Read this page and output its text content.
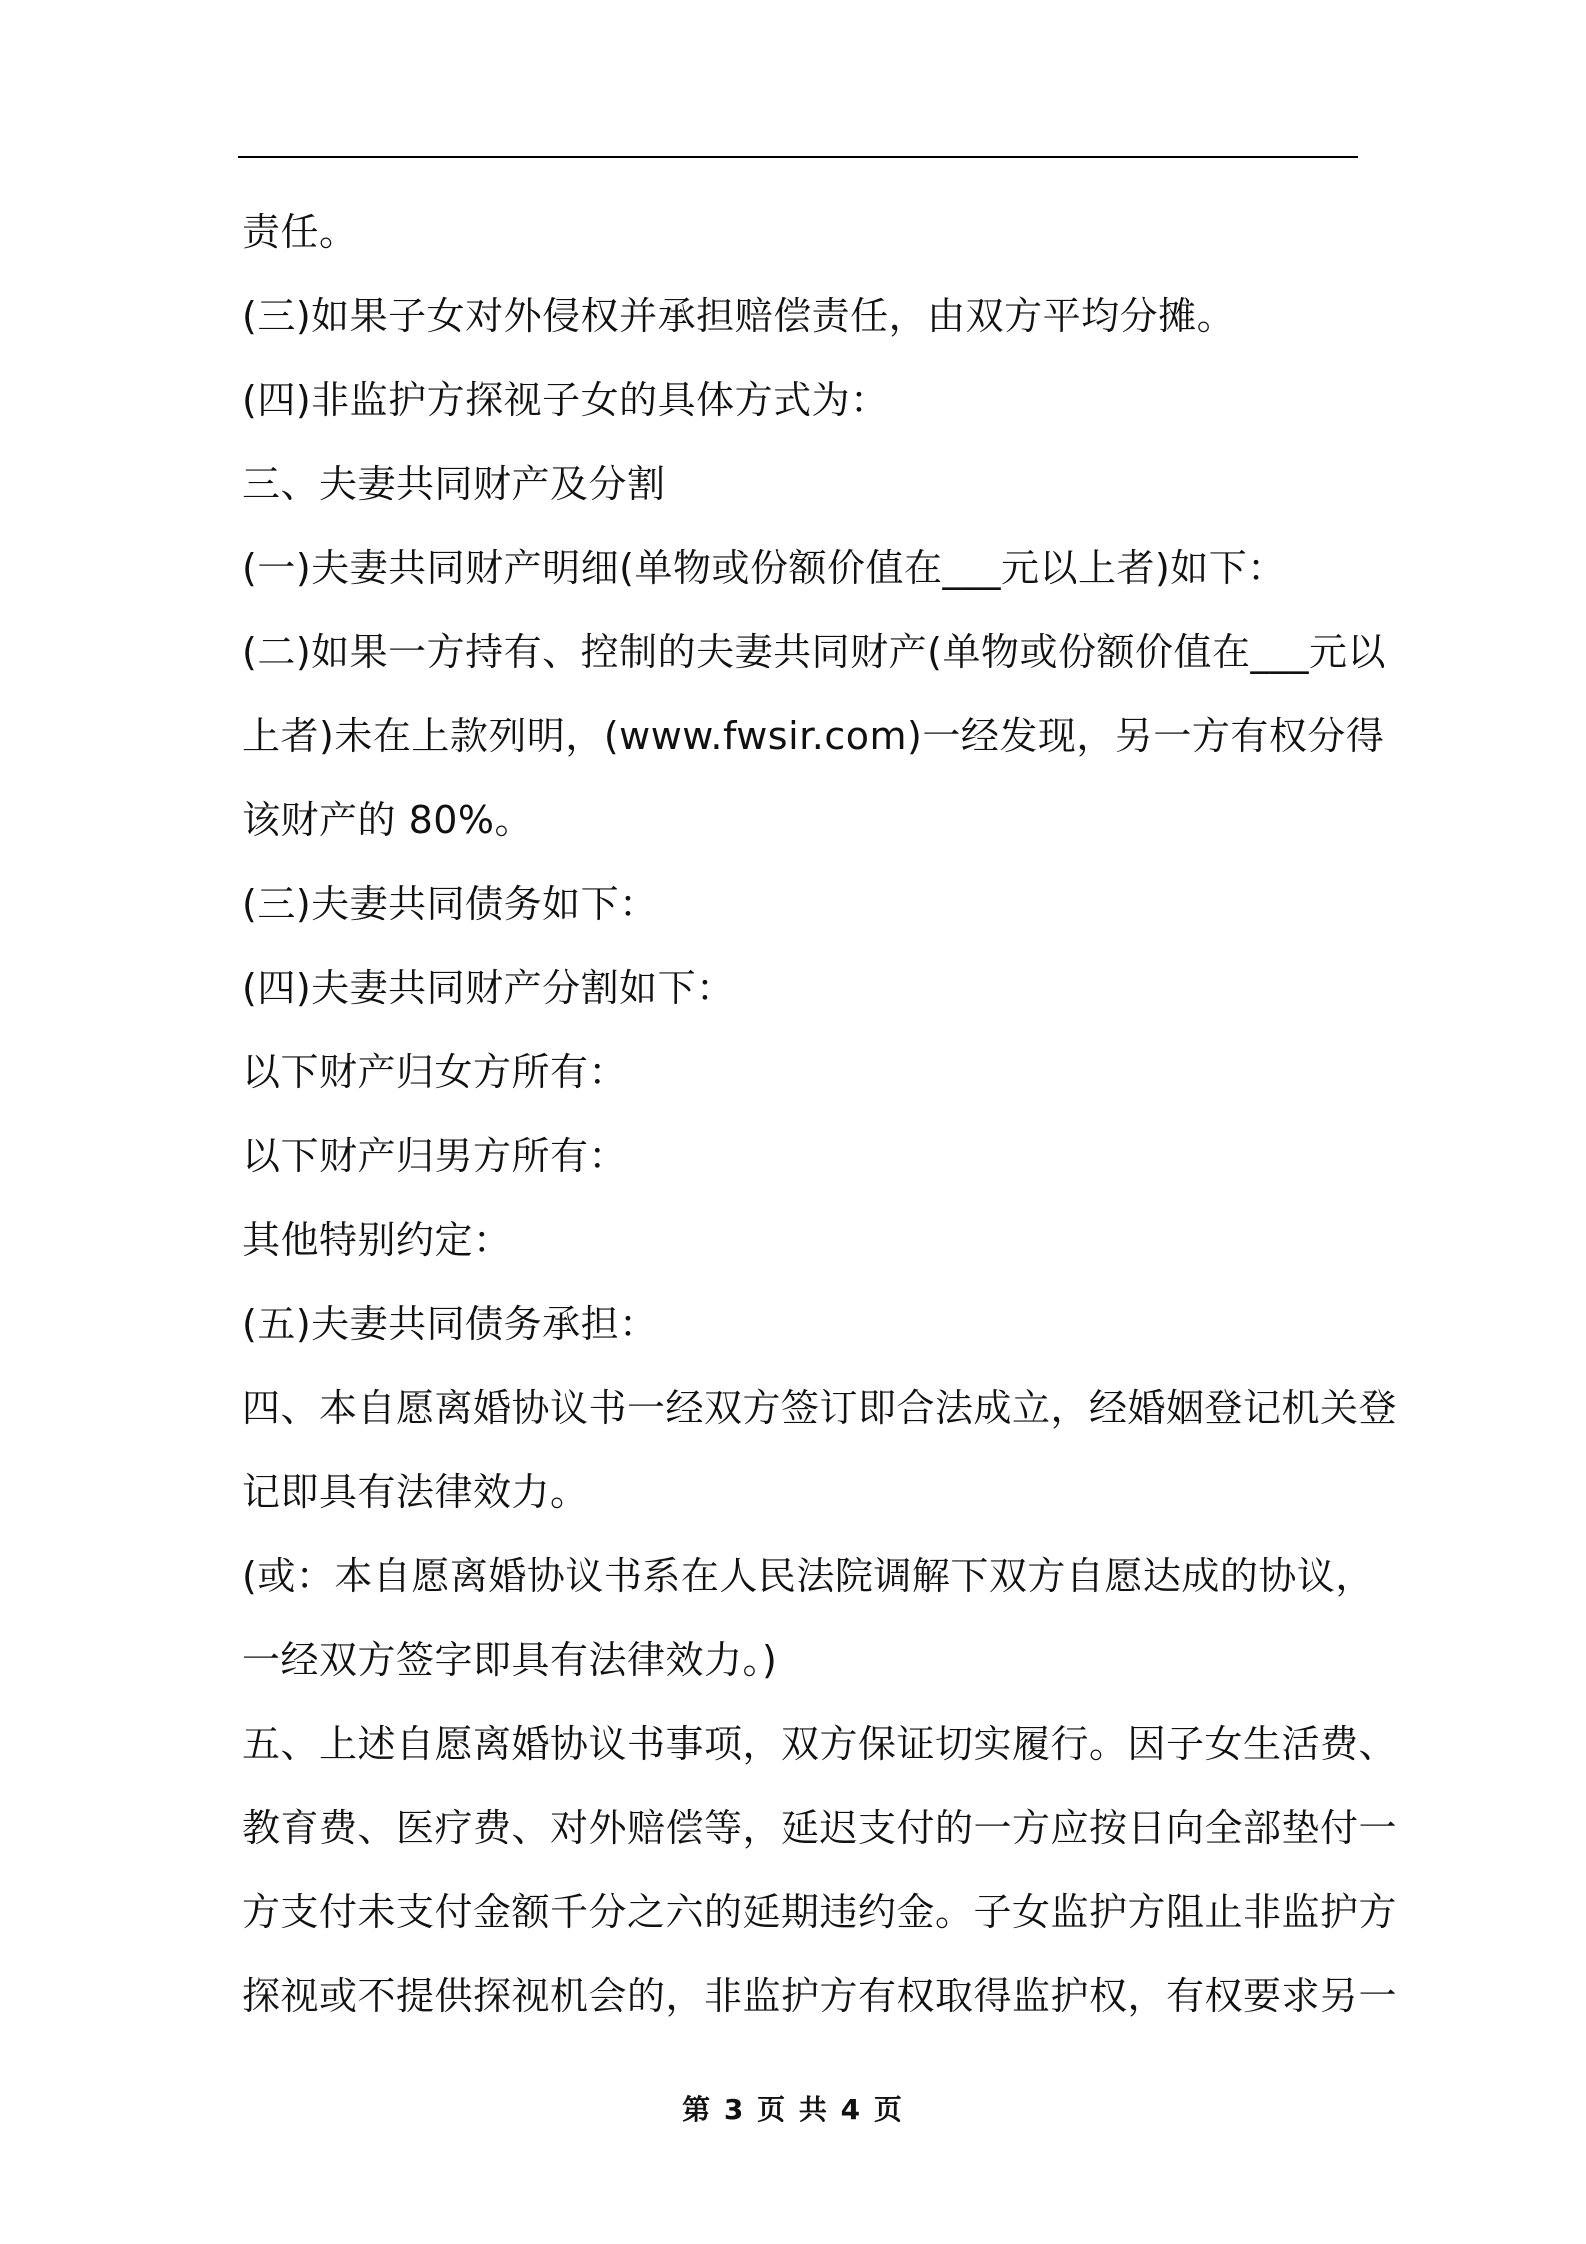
责任。
(三)如果子女对外侵权并承担赔偿责任，由双方平均分摊。
(四)非监护方探视子女的具体方式为：
三、夫妻共同财产及分割
(一)夫妻共同财产明细(单物或份额价值在___元以上者)如下：
(二)如果一方持有、控制的夫妻共同财产(单物或份额价值在___元以
上者)未在上款列明，(www.fwsir.com)一经发现，另一方有权分得
该财产的 80%。
(三)夫妻共同债务如下：
(四)夫妻共同财产分割如下：
以下财产归女方所有：
以下财产归男方所有：
其他特别约定：
(五)夫妻共同债务承担：
四、本自愿离婚协议书一经双方签订即合法成立，经婚姻登记机关登
记即具有法律效力。
(或：本自愿离婚协议书系在人民法院调解下双方自愿达成的协议，
一经双方签字即具有法律效力。)
五、上述自愿离婚协议书事项，双方保证切实履行。因子女生活费、
教育费、医疗费、对外赔偿等，延迟支付的一方应按日向全部垫付一
方支付未支付金额千分之六的延期违约金。子女监护方阻止非监护方
探视或不提供探视机会的，非监护方有权取得监护权，有权要求另一
第 3 页 共 4 页
